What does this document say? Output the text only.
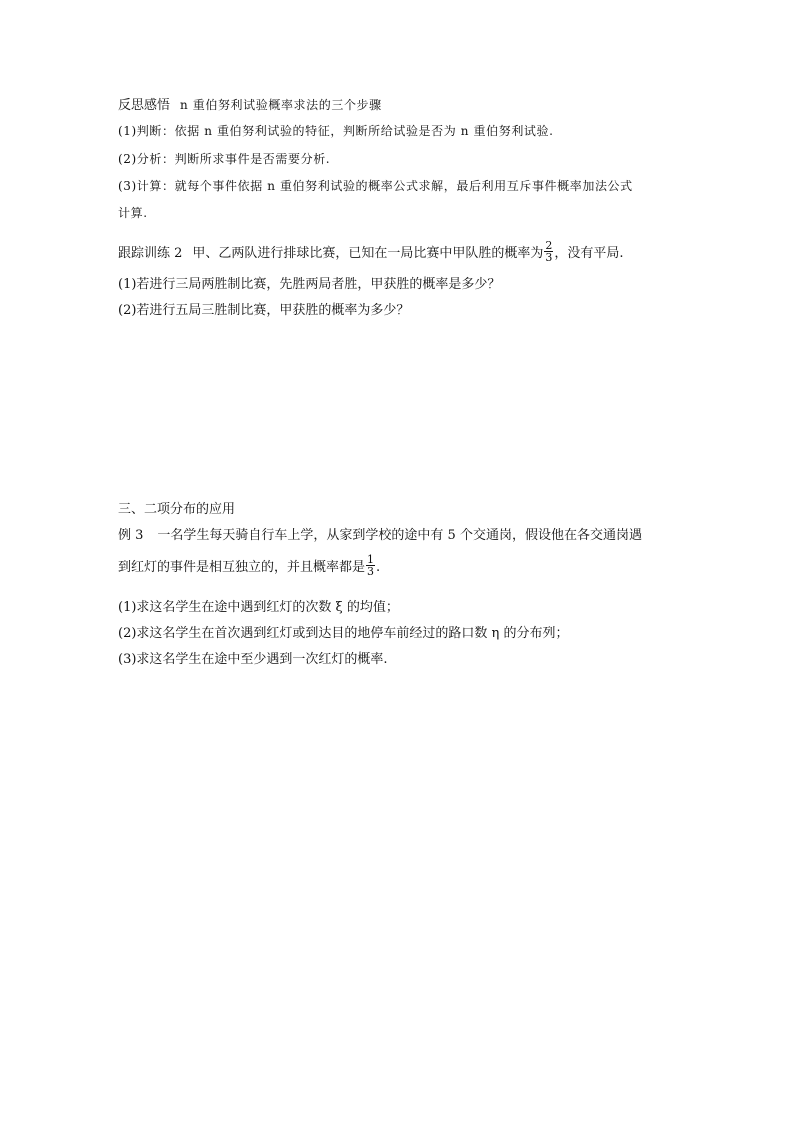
反思感悟 n 重伯努利试验概率求法的三个步骤
(1)判断：依据 n 重伯努利试验的特征，判断所给试验是否为 n 重伯努利试验.
(2)分析：判断所求事件是否需要分析.
(3)计算：就每个事件依据 n 重伯努利试验的概率公式求解，最后利用互斥事件概率加法公式
计算.
跟踪训练 2 甲、乙两队进行排球比赛，已知在一局比赛中甲队胜的概率为 $\frac{2}{3}$ ，没有平局.
(1)若进行三局两胜制比赛，先胜两局者胜，甲获胜的概率是多少？
(2)若进行五局三胜制比赛，甲获胜的概率为多少？
三、二项分布的应用
例 3 一名学生每天骑自行车上学，从家到学校的途中有 5 个交通岗，假设他在各交通岗遇
到红灯的事件是相互独立的，并且概率都是 $\frac{1}{3}$ .
(1)求这名学生在途中遇到红灯的次数 ξ 的均值；
(2)求这名学生在首次遇到红灯或到达目的地停车前经过的路口数 η 的分布列；
(3)求这名学生在途中至少遇到一次红灯的概率.
